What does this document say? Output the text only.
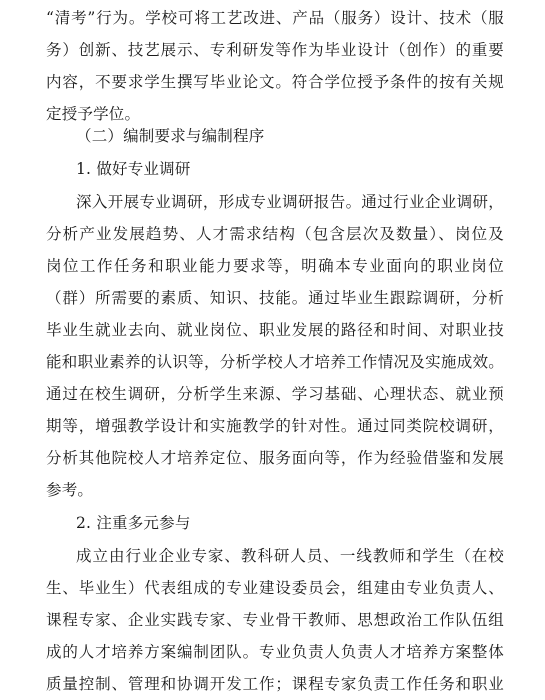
“清考”行为。学校可将工艺改进、产品（服务）设计、技术（服
务）创新、技艺展示、专利研发等作为毕业设计（创作）的重要
内容，不要求学生撰写毕业论文。符合学位授予条件的按有关规
定授予学位。
（二）编制要求与编制程序
1. 做好专业调研
深入开展专业调研，形成专业调研报告。通过行业企业调研，
分析产业发展趋势、人才需求结构（包含层次及数量）、岗位及
岗位工作任务和职业能力要求等，明确本专业面向的职业岗位
（群）所需要的素质、知识、技能。通过毕业生跟踪调研，分析
毕业生就业去向、就业岗位、职业发展的路径和时间、对职业技
能和职业素养的认识等，分析学校人才培养工作情况及实施成效。
通过在校生调研，分析学生来源、学习基础、心理状态、就业预
期等，增强教学设计和实施教学的针对性。通过同类院校调研，
分析其他院校人才培养定位、服务面向等，作为经验借鉴和发展
参考。
2. 注重多元参与
成立由行业企业专家、教科研人员、一线教师和学生（在校
生、毕业生）代表组成的专业建设委员会，组建由专业负责人、
课程专家、企业实践专家、专业骨干教师、思想政治工作队伍组
成的人才培养方案编制团队。专业负责人负责人才培养方案整体
质量控制、管理和协调开发工作；课程专家负责工作任务和职业
